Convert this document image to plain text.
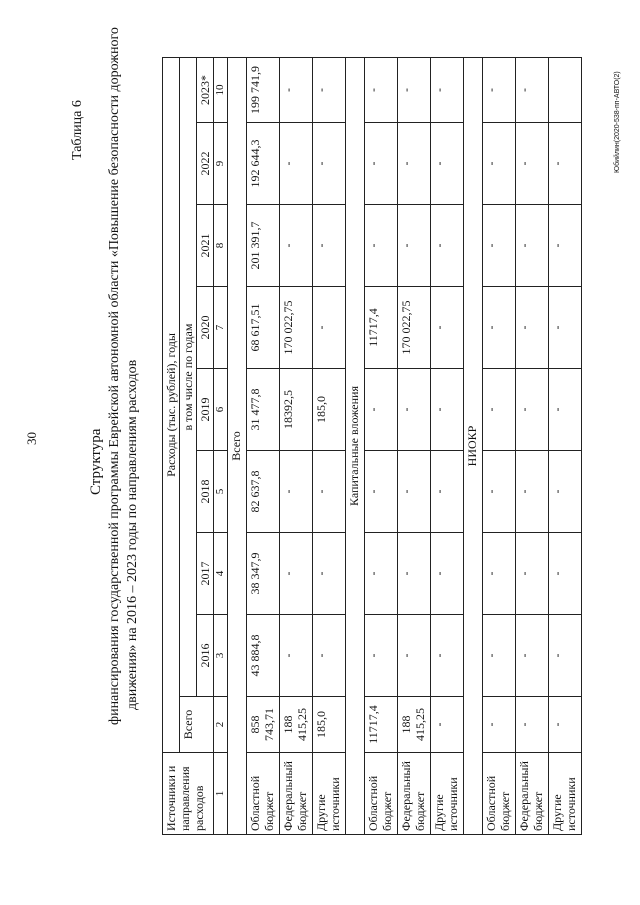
30
Таблица 6
Структура финансирования государственной программы Еврейской автономной области «Повышение безопасности дорожного движения» на 2016 – 2023 годы по направлениям расходов
Юбийлин(2020-538-пп-АВТО(2)
Источники и направления расходов	Расходы (тыс. рублей), годы								
	Всего	в том числе по годам							
		2016	2017	2018	2019	2020	2021	2022	2023*
1	2	3	4	5	6	7	8	9	10
Всего									
Областной бюджет	858 743,71	43 884,8	38 347,9	82 637,8	31 477,8	68 617,51	201 391,7	192 644,3	199 741,9
Федеральный бюджет	188 415,25	-	-	-	18392,5	170 022,75	-	-	-
Другие источники	185,0	-	-	-	185,0	-	-	-	-
Капитальные вложения									
Областной бюджет	11717,4	-	-	-	-	11717,4	-	-	-
Федеральный бюджет	188 415,25	-	-	-	-	170 022,75	-	-	-
Другие источники	-	-	-	-	-	-	-	-	-
НИОКР									
Областной бюджет	-	-	-	-	-	-	-	-	-
Федеральный бюджет	-	-	-	-	-	-	-	-	-
Другие источники	-	-	-	-	-	-	-	-	
